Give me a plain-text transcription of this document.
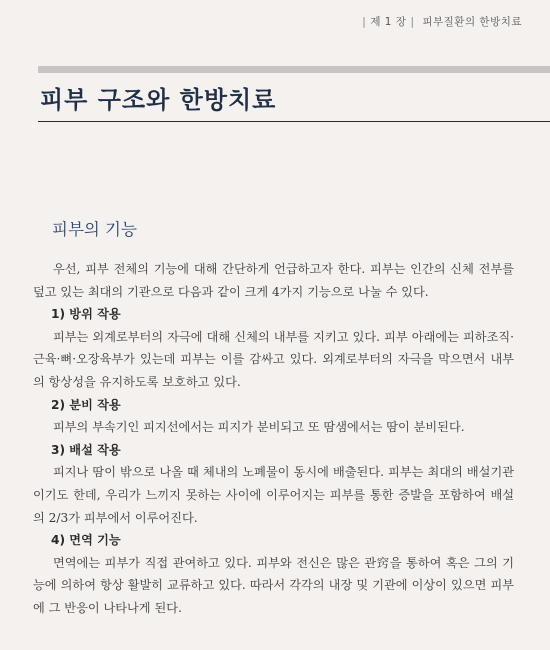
| 제 1 장 | 피부질환의 한방치료
피부 구조와 한방치료
피부의 기능

우선, 피부 전체의 기능에 대해 간단하게 언급하고자 한다. 피부는 인간의 신체 전부를 덮고 있는 최대의 기관으로 다음과 같이 크게 4가지 기능으로 나눌 수 있다.

1) 방위 작용

피부는 외계로부터의 자극에 대해 신체의 내부를 지키고 있다. 피부 아래에는 피하조직·근육·뼈·오장육부가 있는데 피부는 이를 감싸고 있다. 외계로부터의 자극을 막으면서 내부의 항상성을 유지하도록 보호하고 있다.

2) 분비 작용

피부의 부속기인 피지선에서는 피지가 분비되고 또 땀샘에서는 땀이 분비된다.

3) 배설 작용

피지나 땀이 밖으로 나올 때 체내의 노폐물이 동시에 배출된다. 피부는 최대의 배설기관이기도 한데, 우리가 느끼지 못하는 사이에 이루어지는 피부를 통한 증발을 포함하여 배설의 2/3가 피부에서 이루어진다.

4) 면역 기능

면역에는 피부가 직접 관여하고 있다. 피부와 전신은 많은 관窍을 통하여 혹은 그의 기능에 의하여 항상 활발히 교류하고 있다. 따라서 각각의 내장 및 기관에 이상이 있으면 피부에 그 반응이 나타나게 된다.
